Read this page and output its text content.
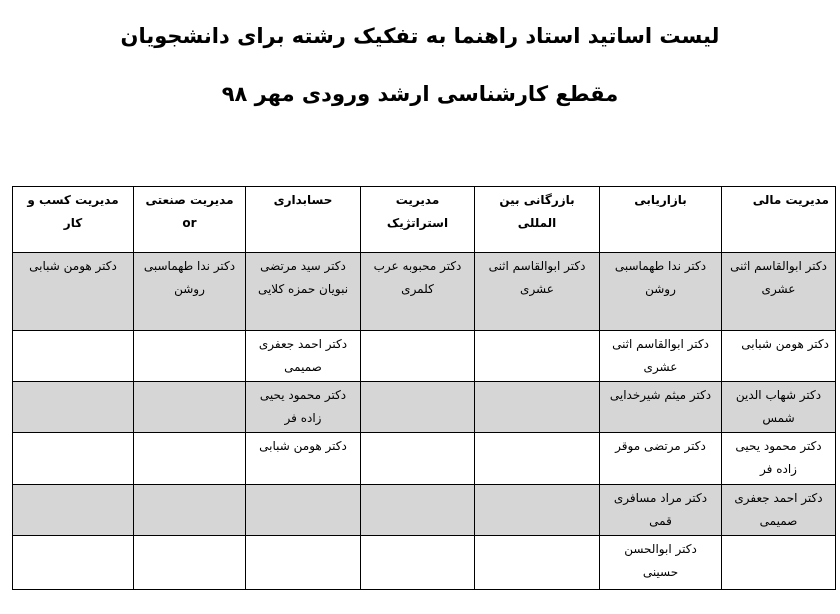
لیست اساتید استاد راهنما به تفکیک رشته برای دانشجویان
مقطع کارشناسی ارشد ورودی مهر ۹۸
مدیریت مالی	بازاریابی	بازرگانی بین المللی	مدیریت استراتژیک	حسابداری	مدیریت صنعتی or	مدیریت کسب و کار
دکتر ابوالقاسم اثنی عشری	دکتر ندا طهماسبی روشن	دکتر ابوالقاسم اثنی عشری	دکتر محبوبه عرب کلمری	دکتر سید مرتضی نبویان حمزه کلایی	دکتر ندا طهماسبی روشن	دکتر هومن شبابی
دکتر هومن شبابی	دکتر ابوالقاسم اثنی عشری			دکتر احمد جعفری صمیمی		
دکتر شهاب الدین شمس	دکتر میثم شیرخدایی			دکتر محمود یحیی زاده فر		
دکتر محمود یحیی زاده فر	دکتر مرتضی موقر			دکتر هومن شبابی		
دکتر احمد جعفری صمیمی	دکتر مراد مسافری قمی					
	دکتر ابوالحسن حسینی					
